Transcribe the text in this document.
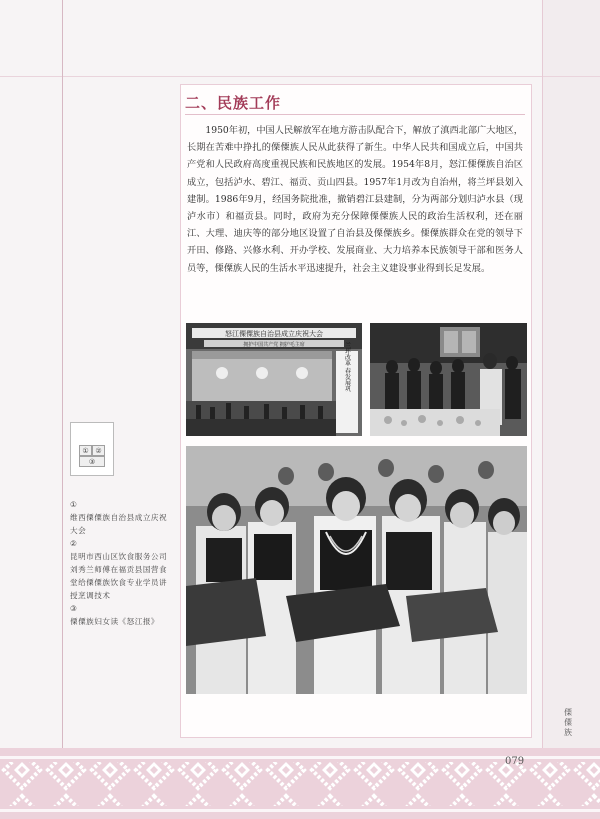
二、民族工作

1950年初，中国人民解放军在地方游击队配合下，解放了滇西北部广大地区，长期在苦难中挣扎的傈僳族人民从此获得了新生。中华人民共和国成立后，中国共产党和人民政府高度重视民族和民族地区的发展。1954年8月，怒江傈僳族自治区成立，包括泸水、碧江、福贡、贡山四县。1957年1月改为自治州，将兰坪县划入建制。1986年9月，经国务院批准，撤销碧江县建制，分为两部分划归泸水县（现泸水市）和福贡县。同时，政府为充分保障傈僳族人民的政治生活权利，还在丽江、大理、迪庆等的部分地区设置了自治县及傈僳族乡。傈僳族群众在党的领导下开田、修路、兴修水利、开办学校、发展商业、大力培养本民族领导干部和医务人员等，傈僳族人民的生活水平迅速提升，社会主义建设事业得到长足发展。

怒江傈僳族自治县成立庆祝大会
拥护中国共产党 拥护毛主席	兰坪改革 春发展巩
① ②
③
①
维西傈僳族自治县成立庆祝大会
②
昆明市西山区饮食服务公司刘秀兰师傅在福贡县国营食堂给傈僳族饮食专业学员讲授烹调技术
③
傈僳族妇女读《怒江报》
傈僳族
079
